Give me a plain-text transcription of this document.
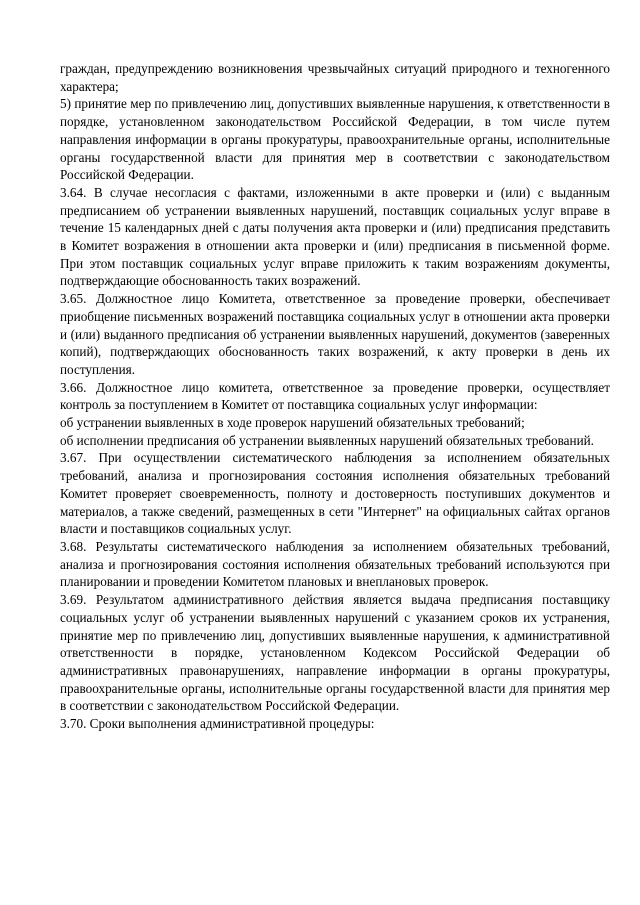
граждан, предупреждению возникновения чрезвычайных ситуаций природного и техногенного характера;

5) принятие мер по привлечению лиц, допустивших выявленные нарушения, к ответственности в порядке, установленном законодательством Российской Федерации, в том числе путем направления информации в органы прокуратуры, правоохранительные органы, исполнительные органы государственной власти для принятия мер в соответствии с законодательством Российской Федерации.

3.64. В случае несогласия с фактами, изложенными в акте проверки и (или) с выданным предписанием об устранении выявленных нарушений, поставщик социальных услуг вправе в течение 15 календарных дней с даты получения акта проверки и (или) предписания представить в Комитет возражения в отношении акта проверки и (или) предписания в письменной форме. При этом поставщик социальных услуг вправе приложить к таким возражениям документы, подтверждающие обоснованность таких возражений.

3.65. Должностное лицо Комитета, ответственное за проведение проверки, обеспечивает приобщение письменных возражений поставщика социальных услуг в отношении акта проверки и (или) выданного предписания об устранении выявленных нарушений, документов (заверенных копий), подтверждающих обоснованность таких возражений, к акту проверки в день их поступления.

3.66. Должностное лицо комитета, ответственное за проведение проверки, осуществляет контроль за поступлением в Комитет от поставщика социальных услуг информации:

об устранении выявленных в ходе проверок нарушений обязательных требований;

об исполнении предписания об устранении выявленных нарушений обязательных требований.

3.67. При осуществлении систематического наблюдения за исполнением обязательных требований, анализа и прогнозирования состояния исполнения обязательных требований Комитет проверяет своевременность, полноту и достоверность поступивших документов и материалов, а также сведений, размещенных в сети "Интернет" на официальных сайтах органов власти и поставщиков социальных услуг.

3.68. Результаты систематического наблюдения за исполнением обязательных требований, анализа и прогнозирования состояния исполнения обязательных требований используются при планировании и проведении Комитетом плановых и внеплановых проверок.

3.69. Результатом административного действия является выдача предписания поставщику социальных услуг об устранении выявленных нарушений с указанием сроков их устранения, принятие мер по привлечению лиц, допустивших выявленные нарушения, к административной ответственности в порядке, установленном Кодексом Российской Федерации об административных правонарушениях, направление информации в органы прокуратуры, правоохранительные органы, исполнительные органы государственной власти для принятия мер в соответствии с законодательством Российской Федерации.

3.70. Сроки выполнения административной процедуры:
